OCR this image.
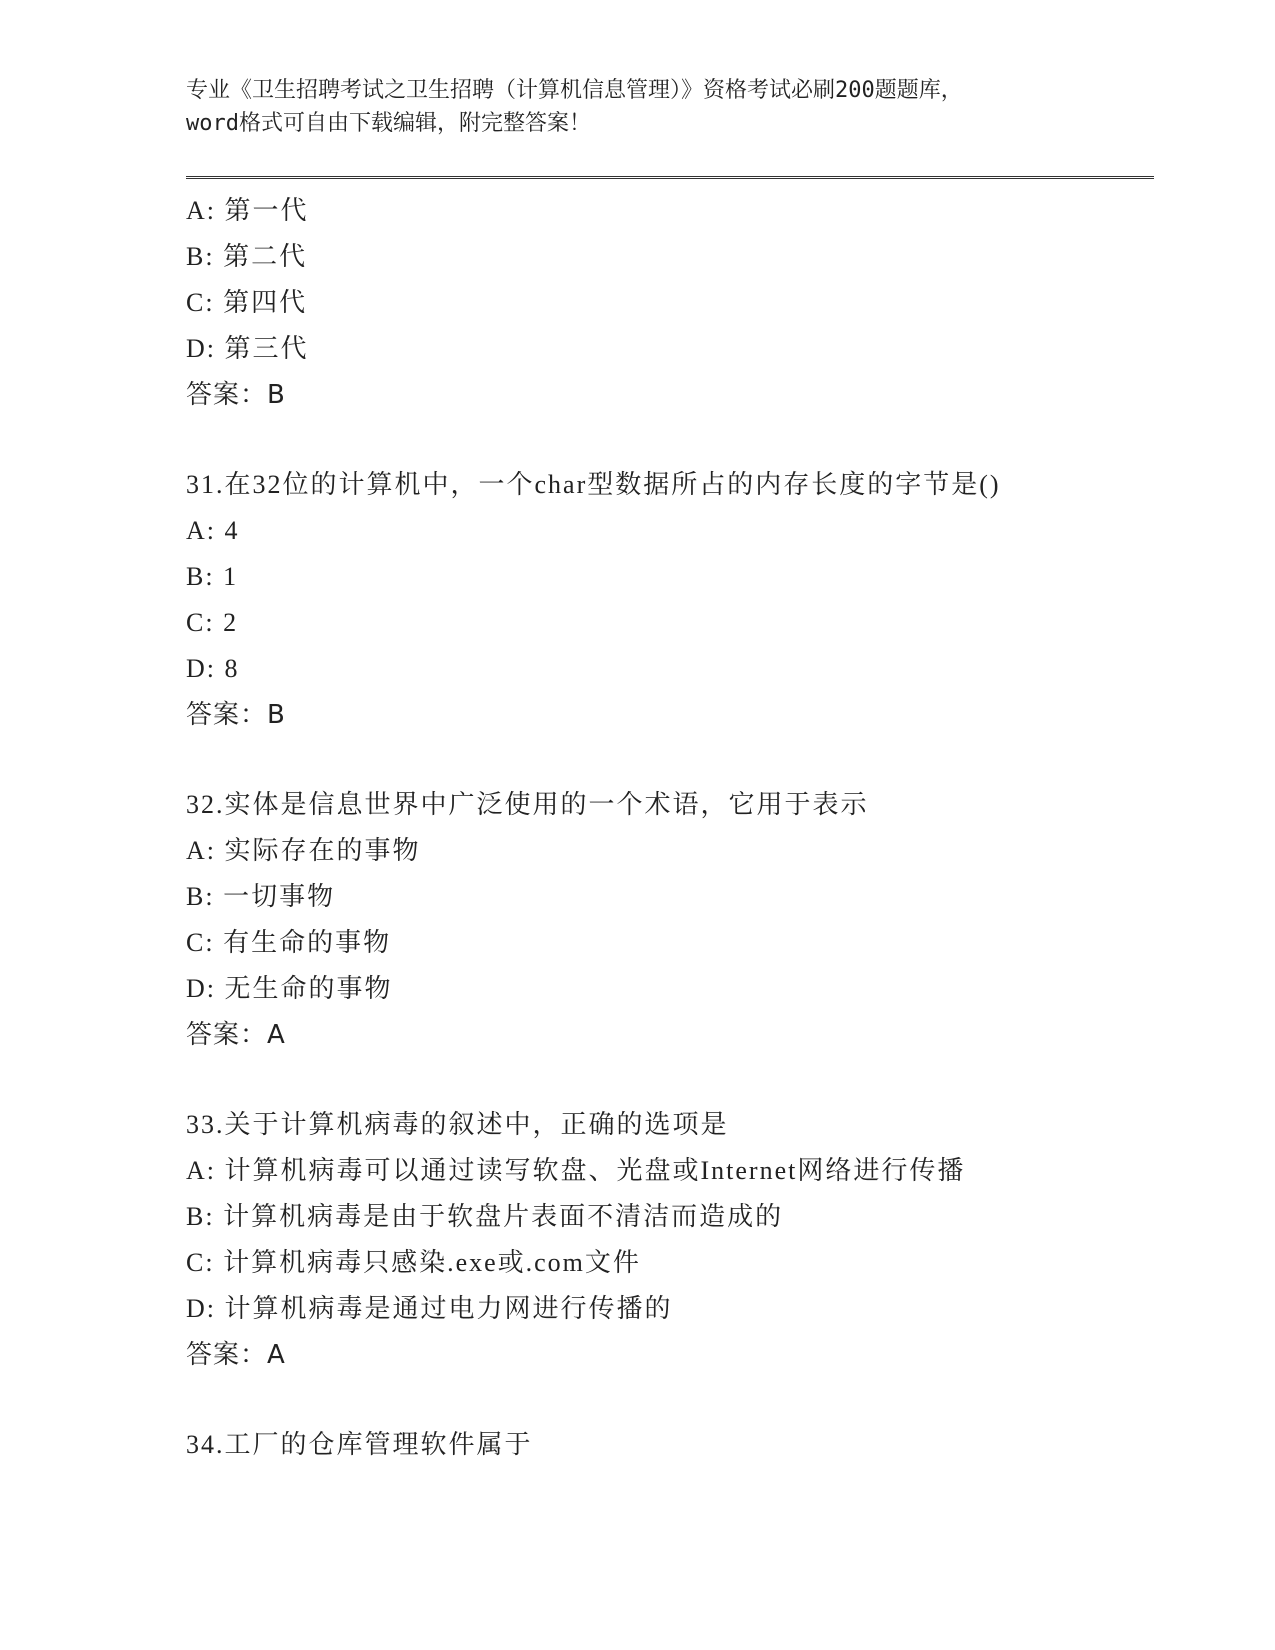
专业《卫生招聘考试之卫生招聘（计算机信息管理）》资格考试必刷200题题库，
word格式可自由下载编辑，附完整答案！
A: 第一代
B: 第二代
C: 第四代
D: 第三代
答案：B
31.在32位的计算机中，一个char型数据所占的内存长度的字节是()
A: 4
B: 1
C: 2
D: 8
答案：B
32.实体是信息世界中广泛使用的一个术语，它用于表示
A: 实际存在的事物
B: 一切事物
C: 有生命的事物
D: 无生命的事物
答案：A
33.关于计算机病毒的叙述中，正确的选项是
A: 计算机病毒可以通过读写软盘、光盘或Internet网络进行传播
B: 计算机病毒是由于软盘片表面不清洁而造成的
C: 计算机病毒只感染.exe或.com文件
D: 计算机病毒是通过电力网进行传播的
答案：A
34.工厂的仓库管理软件属于
